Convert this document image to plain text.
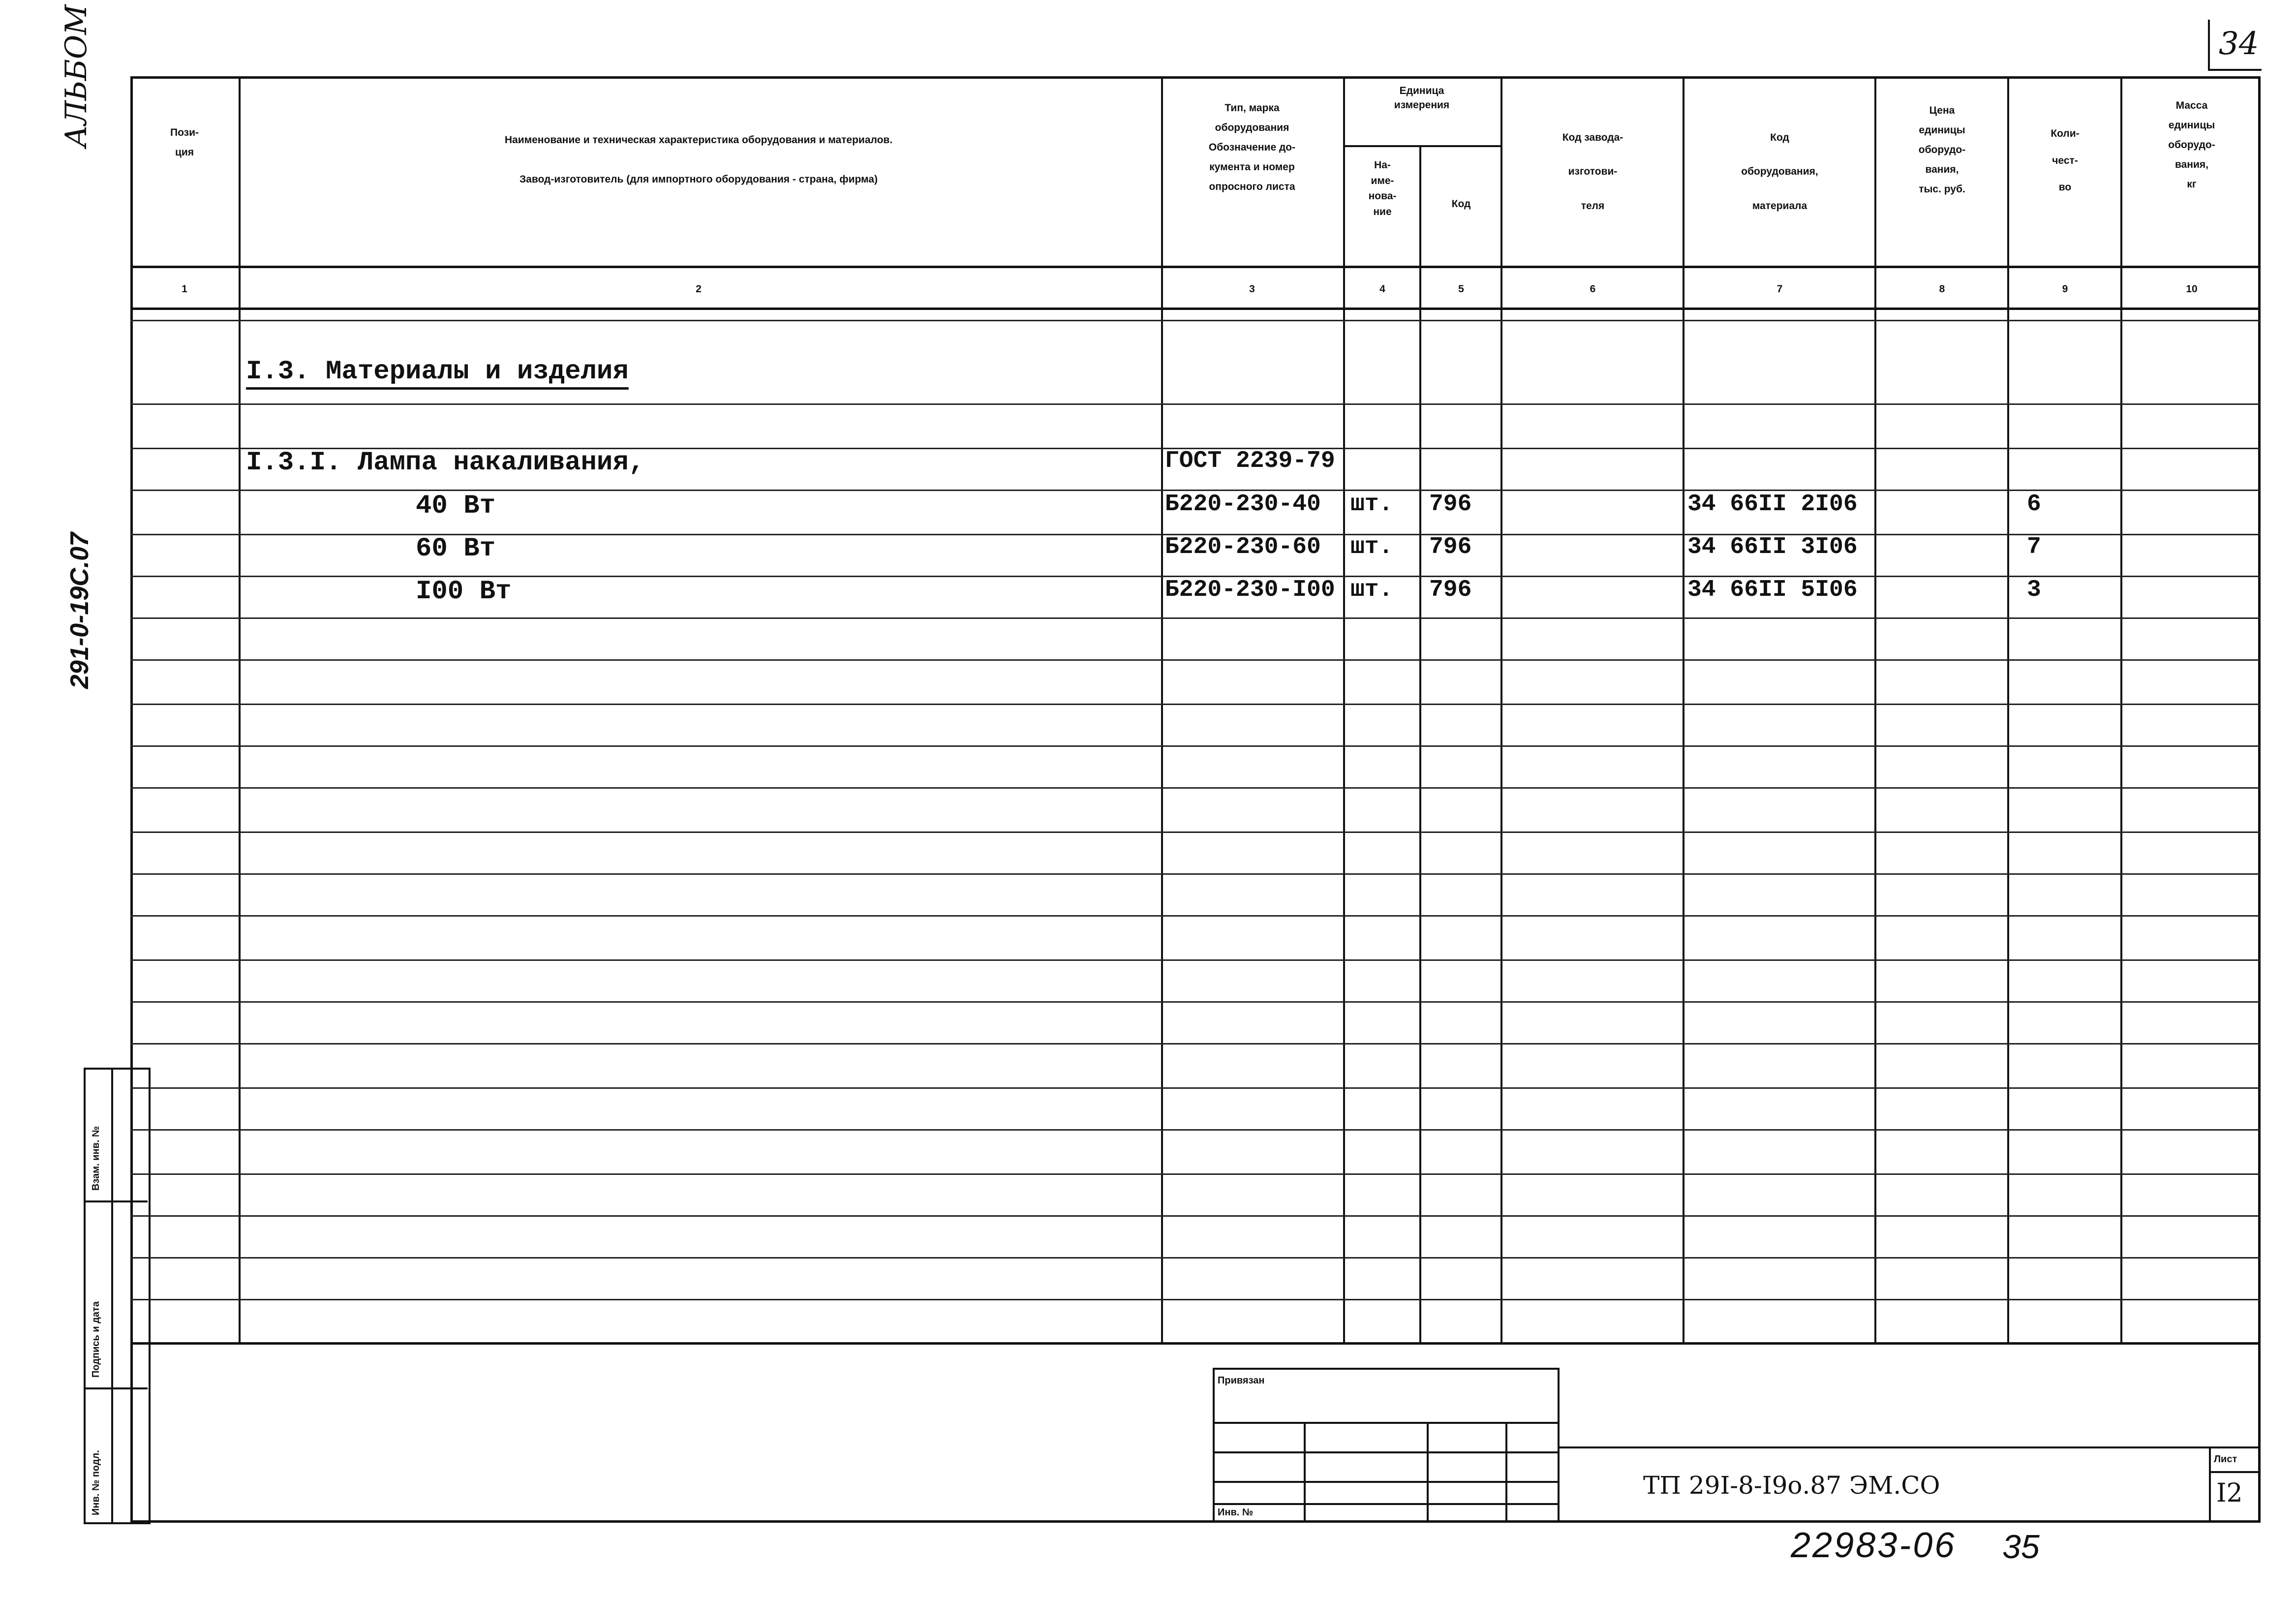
34
АЛЬБОМ
291-0-19С.07
Инв. № подл.
Подпись и дата
Взам. инв. №
Пози-
ция
Наименование и техническая характеристика оборудования и материалов.
Завод-изготовитель (для импортного оборудования - страна, фирма)
Тип, марка
оборудования
Обозначение до-
кумента и номер
опросного листа
Единица
измерения
На-
име-
нова-
ние
Код
Код завода-
изготови-
теля
Код
оборудования,
материала
Цена
единицы
оборудо-
вания,
тыс. руб.
Коли-
чест-
во
Масса
единицы
оборудо-
вания,
кг
1	2	3	4	5	6	7	8	9	10
I.3. Материалы и изделия
I.3.I. Лампа накаливания,	ГОСТ 2239-79
40 Вт	Б220-230-40 шт. 796	34 66II 2I06	6
60 Вт	Б220-230-60 шт. 796	34 66II 3I06	7
I00 Вт	Б220-230-I00 шт. 796	34 66II 5I06	3
Привязан
Инв. №
ТП 29I-8-I9о.87 ЭМ.СО
Лист
I2
22983-06 35
